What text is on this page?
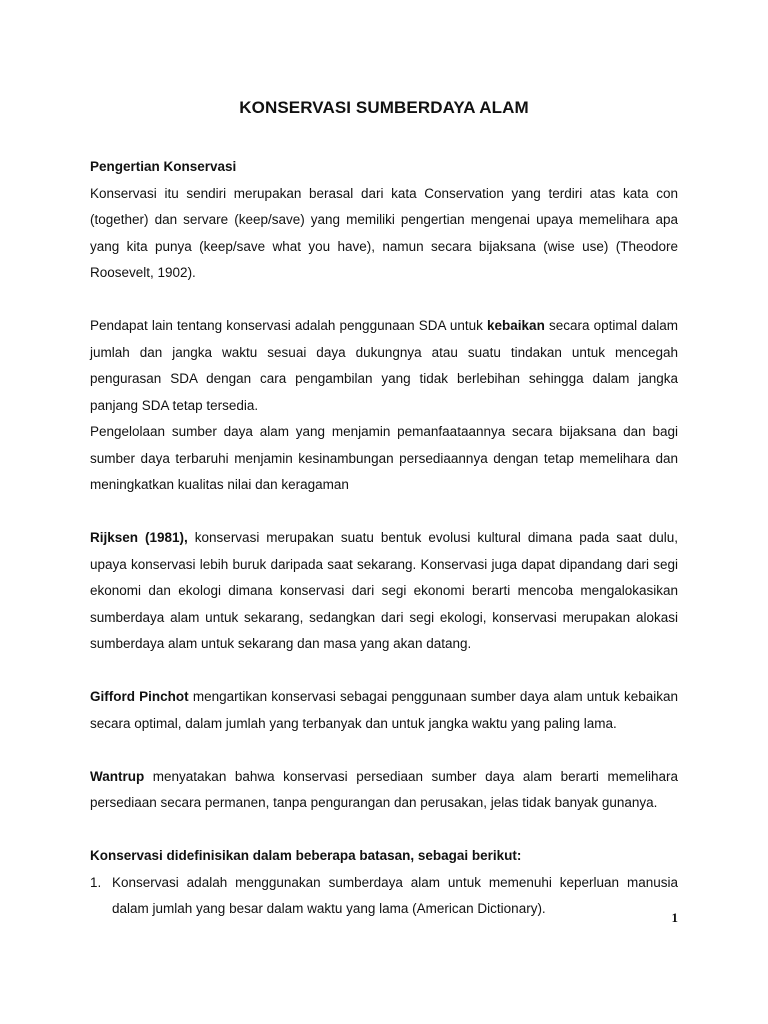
KONSERVASI SUMBERDAYA ALAM

Pengertian Konservasi

Konservasi itu sendiri merupakan berasal dari kata Conservation yang terdiri atas kata con (together) dan servare (keep/save) yang memiliki pengertian mengenai upaya memelihara apa yang kita punya (keep/save what you have), namun secara bijaksana (wise use) (Theodore Roosevelt, 1902).

Pendapat lain tentang konservasi adalah penggunaan SDA untuk kebaikan secara optimal dalam jumlah dan jangka waktu sesuai daya dukungnya atau suatu tindakan untuk mencegah pengurasan SDA dengan cara pengambilan yang tidak berlebihan sehingga dalam jangka panjang SDA tetap tersedia.

Pengelolaan sumber daya alam yang menjamin pemanfaataannya secara bijaksana dan bagi sumber daya terbaruhi menjamin kesinambungan persediaannya dengan tetap memelihara dan meningkatkan kualitas nilai dan keragaman

Rijksen (1981), konservasi merupakan suatu bentuk evolusi kultural dimana pada saat dulu, upaya konservasi lebih buruk daripada saat sekarang. Konservasi juga dapat dipandang dari segi ekonomi dan ekologi dimana konservasi dari segi ekonomi berarti mencoba mengalokasikan sumberdaya alam untuk sekarang, sedangkan dari segi ekologi, konservasi merupakan alokasi sumberdaya alam untuk sekarang dan masa yang akan datang.

Gifford Pinchot mengartikan konservasi sebagai penggunaan sumber daya alam untuk kebaikan secara optimal, dalam jumlah yang terbanyak dan untuk jangka waktu yang paling lama.

Wantrup menyatakan bahwa konservasi persediaan sumber daya alam berarti memelihara persediaan secara permanen, tanpa pengurangan dan perusakan, jelas tidak banyak gunanya.

Konservasi didefinisikan dalam beberapa batasan, sebagai berikut:

1. Konservasi adalah menggunakan sumberdaya alam untuk memenuhi keperluan manusia dalam jumlah yang besar dalam waktu yang lama (American Dictionary).

1
